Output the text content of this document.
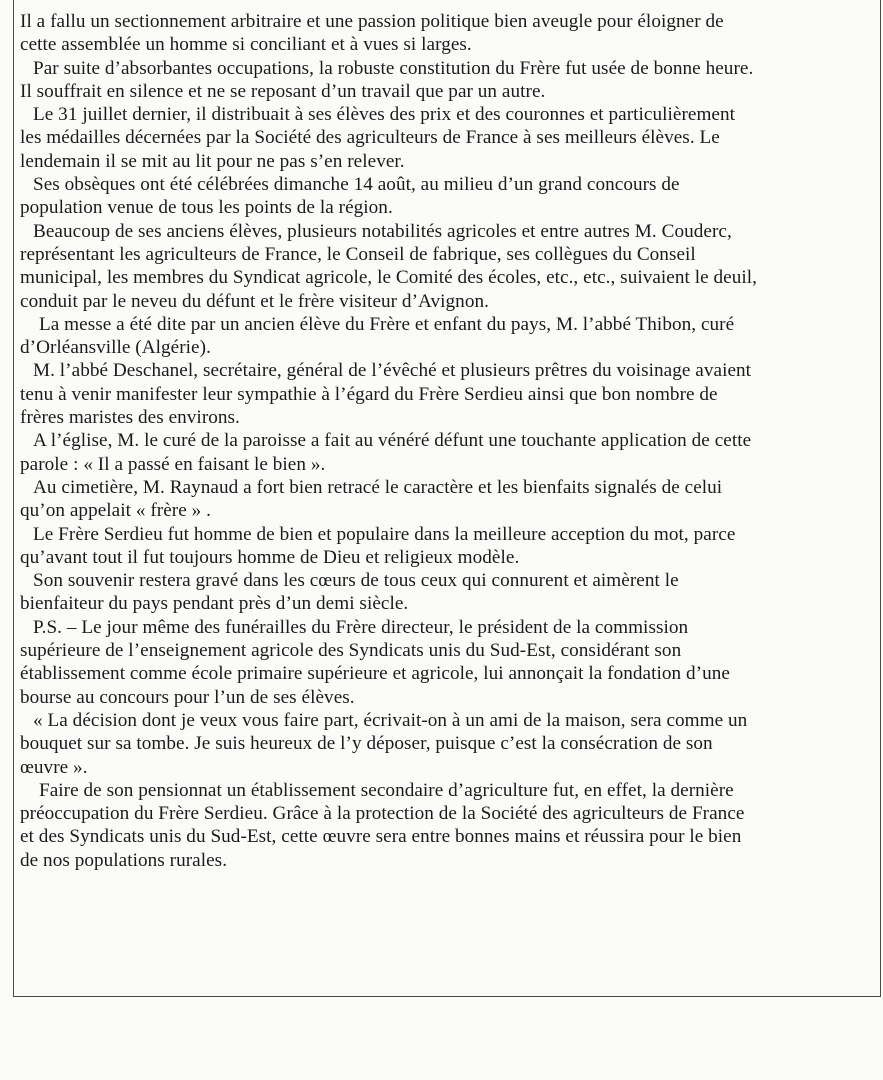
Il a fallu un sectionnement arbitraire et une passion politique bien aveugle pour éloigner de
cette assemblée un homme si conciliant et à vues si larges.

Par suite d’absorbantes occupations, la robuste constitution du Frère fut usée de bonne heure.
Il souffrait en silence et ne se reposant d’un travail que par un autre.

Le 31 juillet dernier, il distribuait à ses élèves des prix et des couronnes et particulièrement
les médailles décernées par la Société des agriculteurs de France à ses meilleurs élèves. Le
lendemain il se mit au lit pour ne pas s’en relever.

Ses obsèques ont été célébrées dimanche 14 août, au milieu d’un grand concours de
population venue de tous les points de la région.

Beaucoup de ses anciens élèves, plusieurs notabilités agricoles et entre autres M. Couderc,
représentant les agriculteurs de France, le Conseil de fabrique, ses collègues du Conseil
municipal, les membres du Syndicat agricole, le Comité des écoles, etc., etc., suivaient le deuil,
conduit par le neveu du défunt et le frère visiteur d’Avignon.

La messe a été dite par un ancien élève du Frère et enfant du pays, M. l’abbé Thibon, curé
d’Orléansville (Algérie).

M. l’abbé Deschanel, secrétaire, général de l’évêché et plusieurs prêtres du voisinage avaient
tenu à venir manifester leur sympathie à l’égard du Frère Serdieu ainsi que bon nombre de
frères maristes des environs.

A l’église, M. le curé de la paroisse a fait au vénéré défunt une touchante application de cette
parole : « Il a passé en faisant le bien ».

Au cimetière, M. Raynaud a fort bien retracé le caractère et les bienfaits signalés de celui
qu’on appelait « frère » .

Le Frère Serdieu fut homme de bien et populaire dans la meilleure acception du mot, parce
qu’avant tout il fut toujours homme de Dieu et religieux modèle.

Son souvenir restera gravé dans les cœurs de tous ceux qui connurent et aimèrent le
bienfaiteur du pays pendant près d’un demi siècle.

P.S. – Le jour même des funérailles du Frère directeur, le président de la commission
supérieure de l’enseignement agricole des Syndicats unis du Sud-Est, considérant son
établissement comme école primaire supérieure et agricole, lui annonçait la fondation d’une
bourse au concours pour l’un de ses élèves.

« La décision dont je veux vous faire part, écrivait-on à un ami de la maison, sera comme un
bouquet sur sa tombe. Je suis heureux de l’y déposer, puisque c’est la consécration de son
œuvre ».

Faire de son pensionnat un établissement secondaire d’agriculture fut, en effet, la dernière
préoccupation du Frère Serdieu. Grâce à la protection de la Société des agriculteurs de France
et des Syndicats unis du Sud-Est, cette œuvre sera entre bonnes mains et réussira pour le bien
de nos populations rurales.
